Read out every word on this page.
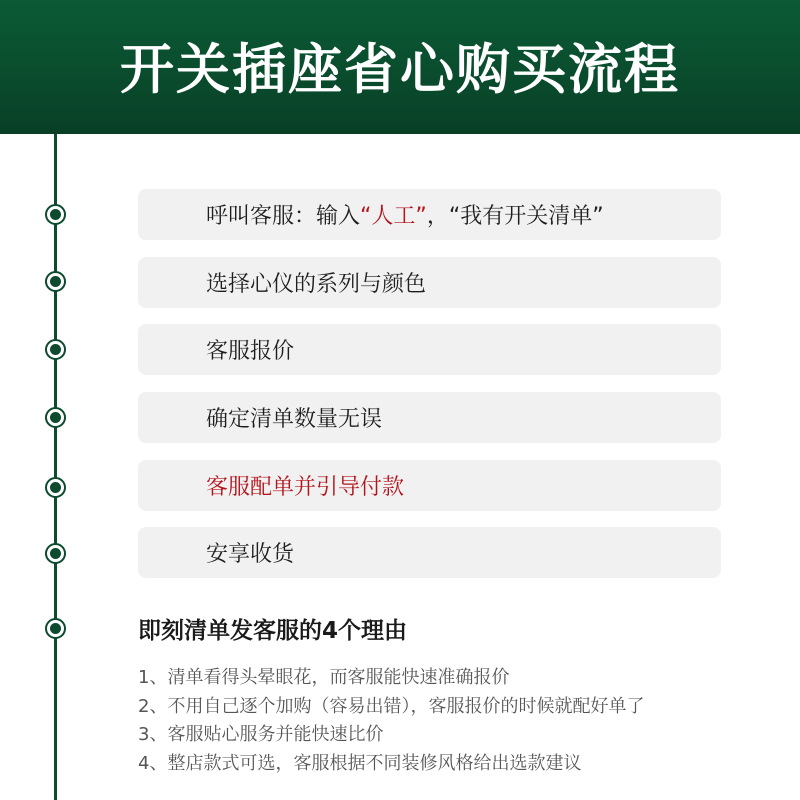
开关插座省心购买流程
呼叫客服：输入 “人工” ，“我有开关清单”
选择心仪的系列与颜色
客服报价
确定清单数量无误
客服配单并引导付款
安享收货
即刻清单发客服的4个理由
1、清单看得头晕眼花，而客服能快速准确报价
2、不用自己逐个加购（容易出错），客服报价的时候就配好单了
3、客服贴心服务并能快速比价
4、整店款式可选，客服根据不同装修风格给出选款建议
